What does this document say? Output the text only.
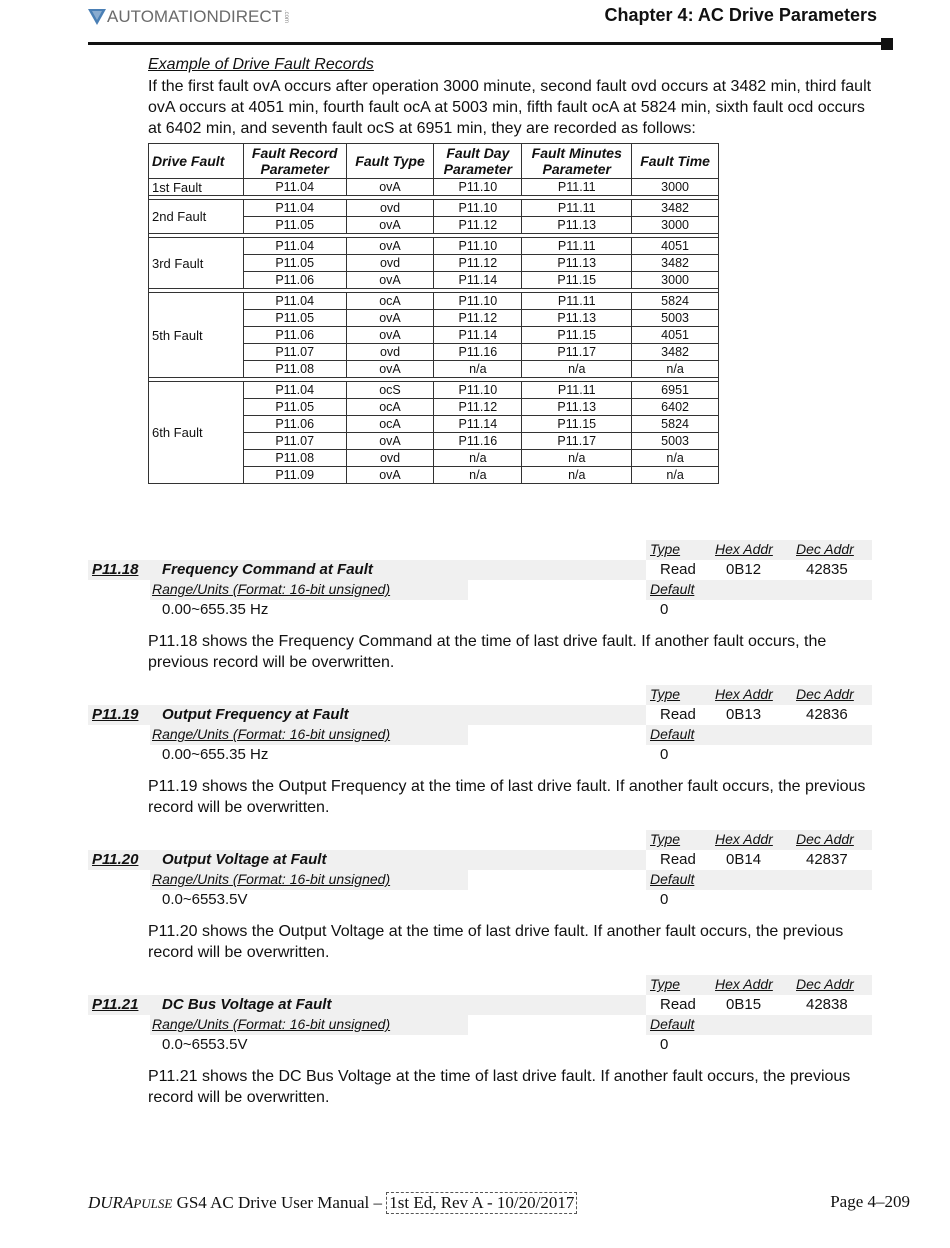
AUTOMATIONDIRECT .com	Chapter 4: AC Drive Parameters
Example of Drive Fault Records
If the first fault ovA occurs after operation 3000 minute, second fault ovd occurs at 3482 min, third fault ovA occurs at 4051 min, fourth fault ocA at 5003 min, fifth fault ocA at 5824 min, sixth fault ocd occurs at 6402 min, and seventh fault ocS at 6951 min, they are recorded as follows:
Drive Fault	Fault Record Parameter	Fault Type	Fault Day Parameter	Fault Minutes Parameter	Fault Time
1st Fault	P11.04	ovA	P11.10	P11.11	3000

2nd Fault	P11.04	ovd	P11.10	P11.11	3482
	P11.05	ovA	P11.12	P11.13	3000

3rd Fault	P11.04	ovA	P11.10	P11.11	4051
	P11.05	ovd	P11.12	P11.13	3482
	P11.06	ovA	P11.14	P11.15	3000

5th Fault	P11.04	ocA	P11.10	P11.11	5824
	P11.05	ovA	P11.12	P11.13	5003
	P11.06	ovA	P11.14	P11.15	4051
	P11.07	ovd	P11.16	P11.17	3482
	P11.08	ovA	n/a	n/a	n/a

6th Fault	P11.04	ocS	P11.10	P11.11	6951
	P11.05	ocA	P11.12	P11.13	6402
	P11.06	ocA	P11.14	P11.15	5824
	P11.07	ovA	P11.16	P11.17	5003
	P11.08	ovd	n/a	n/a	n/a
	P11.09	ovA	n/a	n/a	n/a
Type Hex Addr Dec Addr
P11.18 Frequency Command at Fault	Read 0B12	42835
Range/Units (Format: 16-bit unsigned)	Default
0.00~655.35 Hz	0
P11.18 shows the Frequency Command at the time of last drive fault. If another fault occurs, the previous record will be overwritten.
Type Hex Addr Dec Addr
P11.19 Output Frequency at Fault	Read 0B13	42836
Range/Units (Format: 16-bit unsigned)	Default
0.00~655.35 Hz	0
P11.19 shows the Output Frequency at the time of last drive fault. If another fault occurs, the previous record will be overwritten.
Type Hex Addr Dec Addr
P11.20 Output Voltage at Fault	Read 0B14	42837
Range/Units (Format: 16-bit unsigned)	Default
0.0~6553.5V	0
P11.20 shows the Output Voltage at the time of last drive fault. If another fault occurs, the previous record will be overwritten.
Type Hex Addr Dec Addr
P11.21 DC Bus Voltage at Fault	Read 0B15	42838
Range/Units (Format: 16-bit unsigned)	Default
0.0~6553.5V	0
P11.21 shows the DC Bus Voltage at the time of last drive fault. If another fault occurs, the previous record will be overwritten.
DURAPULSE GS4 AC Drive User Manual – 1st Ed, Rev A - 10/20/2017	Page 4–209
